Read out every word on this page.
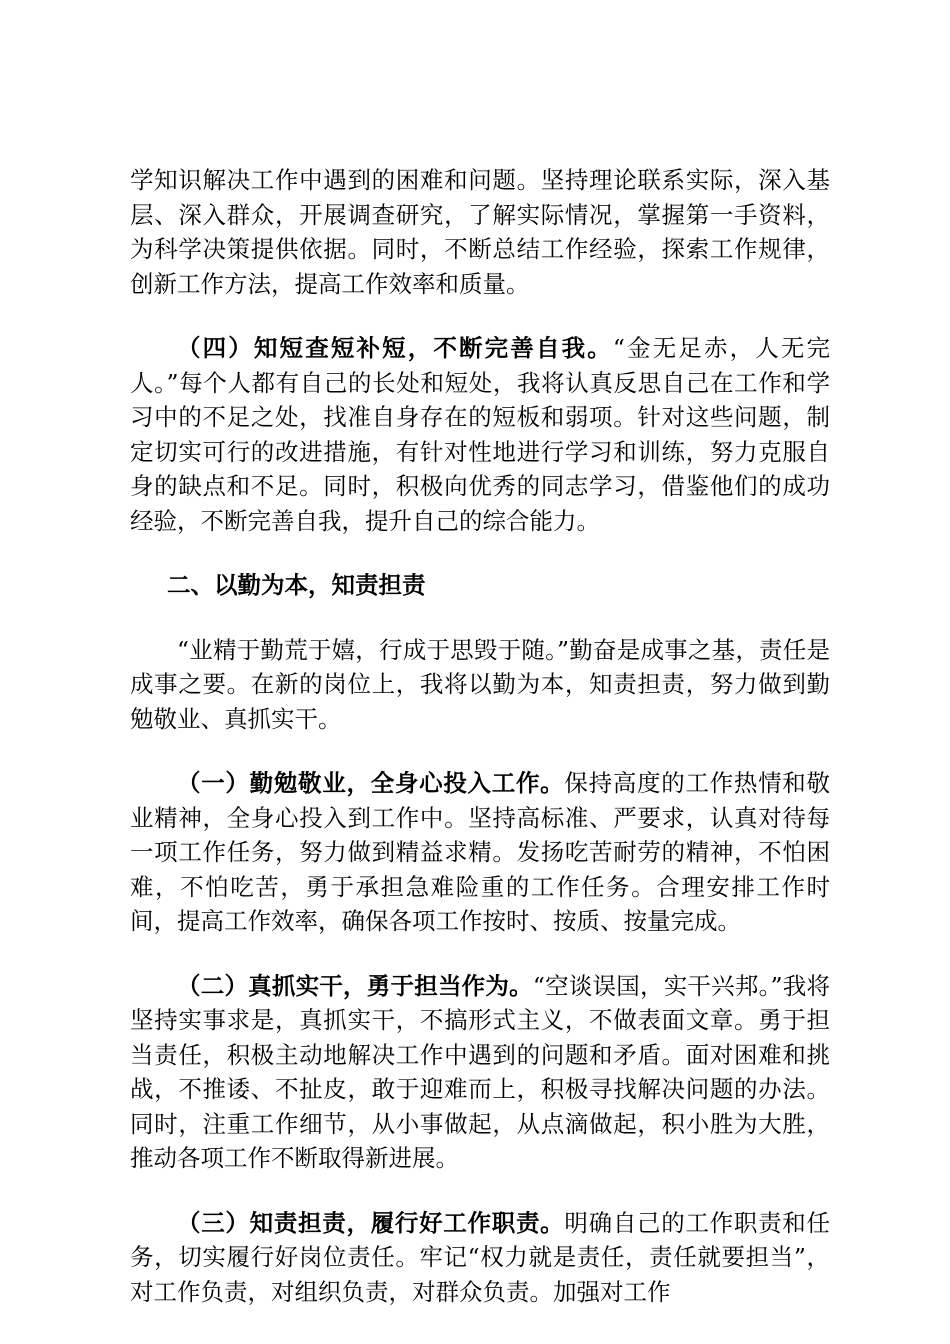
学知识解决工作中遇到的困难和问题。坚持理论联系实际，深入基层、深入群众，开展调查研究，了解实际情况，掌握第一手资料，为科学决策提供依据。同时，不断总结工作经验，探索工作规律，创新工作方法，提高工作效率和质量。

（四）知短查短补短，不断完善自我。“金无足赤，人无完人。”每个人都有自己的长处和短处，我将认真反思自己在工作和学习中的不足之处，找准自身存在的短板和弱项。针对这些问题，制定切实可行的改进措施，有针对性地进行学习和训练，努力克服自身的缺点和不足。同时，积极向优秀的同志学习，借鉴他们的成功经验，不断完善自我，提升自己的综合能力。

二、以勤为本，知责担责

“业精于勤荒于嬉，行成于思毁于随。”勤奋是成事之基，责任是成事之要。在新的岗位上，我将以勤为本，知责担责，努力做到勤勉敬业、真抓实干。

（一）勤勉敬业，全身心投入工作。保持高度的工作热情和敬业精神，全身心投入到工作中。坚持高标准、严要求，认真对待每一项工作任务，努力做到精益求精。发扬吃苦耐劳的精神，不怕困难，不怕吃苦，勇于承担急难险重的工作任务。合理安排工作时间，提高工作效率，确保各项工作按时、按质、按量完成。

（二）真抓实干，勇于担当作为。“空谈误国，实干兴邦。”我将坚持实事求是，真抓实干，不搞形式主义，不做表面文章。勇于担当责任，积极主动地解决工作中遇到的问题和矛盾。面对困难和挑战，不推诿、不扯皮，敢于迎难而上，积极寻找解决问题的办法。同时，注重工作细节，从小事做起，从点滴做起，积小胜为大胜，推动各项工作不断取得新进展。

（三）知责担责，履行好工作职责。明确自己的工作职责和任务，切实履行好岗位责任。牢记“权力就是责任，责任就要担当”，对工作负责，对组织负责，对群众负责。加强对工作
